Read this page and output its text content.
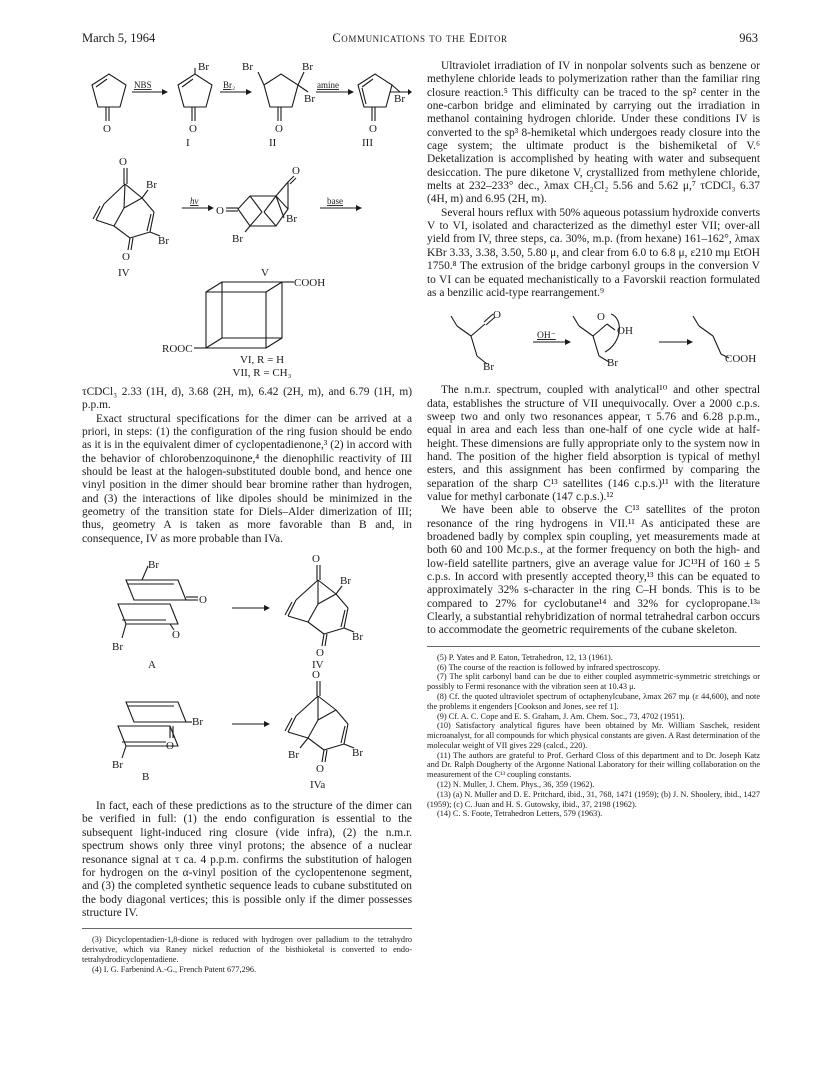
March 5, 1964	Communications to the Editor	963
O
NBS
O
Br
I
Br₂
O
Br	Br
Br
II
amine
O
Br
III
O
Br
Br
O
IV
hν
O
O
Br
Br
V
base
COOH
ROOC
VI, R = H
VII, R = CH₃

τCDCl₃ 2.33 (1H, d), 3.68 (2H, m), 6.42 (2H, m), and 6.79 (1H, m) p.p.m.

Exact structural specifications for the dimer can be arrived at a priori, in steps: (1) the configuration of the ring fusion should be endo as it is in the equivalent dimer of cyclopentadienone,³ (2) in accord with the behavior of chlorobenzoquinone,⁴ the dienophilic reactivity of III should be least at the halogen-substituted double bond, and hence one vinyl position in the dimer should bear bromine rather than hydrogen, and (3) the interactions of like dipoles should be minimized in the geometry of the transition state for Diels–Alder dimerization of III; thus, geometry A is taken as more favorable than B and, in consequence, IV as more probable than IVa.

Br
O
O
Br
A
O
Br
Br
O
IV
Br
O
Br
B
O
Br	Br
O
IVa

In fact, each of these predictions as to the structure of the dimer can be verified in full: (1) the endo configuration is essential to the subsequent light-induced ring closure (vide infra), (2) the n.m.r. spectrum shows only three vinyl protons; the absence of a nuclear resonance signal at τ ca. 4 p.p.m. confirms the substitution of halogen for hydrogen on the α-vinyl position of the cyclopentenone segment, and (3) the completed synthetic sequence leads to cubane substituted on the body diagonal vertices; this is possible only if the dimer possesses structure IV.

(3) Dicyclopentadien-1,8-dione is reduced with hydrogen over palladium to the tetrahydro derivative, which via Raney nickel reduction of the bisthioketal is converted to endo-tetrahydrodicyclopentadiene.

(4) I. G. Farbenind A.-G., French Patent 677,296.

Ultraviolet irradiation of IV in nonpolar solvents such as benzene or methylene chloride leads to polymerization rather than the familiar ring closure reaction.⁵ This difficulty can be traced to the sp² center in the one-carbon bridge and eliminated by carrying out the irradiation in methanol containing hydrogen chloride. Under these conditions IV is converted to the sp³ 8-hemiketal which undergoes ready closure into the cage system; the ultimate product is the bishemiketal of V.⁶ Deketalization is accomplished by heating with water and subsequent desiccation. The pure diketone V, crystallized from methylene chloride, melts at 232–233° dec., λmax CH₂Cl₂ 5.56 and 5.62 μ,⁷ τCDCl₃ 6.37 (4H, m) and 6.95 (2H, m).

Several hours reflux with 50% aqueous potassium hydroxide converts V to VI, isolated and characterized as the dimethyl ester VII; over-all yield from IV, three steps, ca. 30%, m.p. (from hexane) 161–162°, λmax KBr 3.33, 3.38, 3.50, 5.80 μ, and clear from 6.0 to 6.8 μ, ε210 mμ EtOH 1750.⁸ The extrusion of the bridge carbonyl groups in the conversion V to VI can be equated mechanistically to a Favorskii reaction formulated as a benzilic acid-type rearrangement.⁹

O
Br
OH⁻
O
OH
Br	COOH

The n.m.r. spectrum, coupled with analytical¹⁰ and other spectral data, establishes the structure of VII unequivocally. Over a 2000 c.p.s. sweep two and only two resonances appear, τ 5.76 and 6.28 p.p.m., equal in area and each less than one-half of one cycle wide at half-height. These dimensions are fully appropriate only to the system now in hand. The position of the higher field absorption is typical of methyl esters, and this assignment has been confirmed by comparing the separation of the sharp C¹³ satellites (146 c.p.s.)¹¹ with the literature value for methyl carbonate (147 c.p.s.).¹²

We have been able to observe the C¹³ satellites of the proton resonance of the ring hydrogens in VII.¹¹ As anticipated these are broadened badly by complex spin coupling, yet measurements made at both 60 and 100 Mc.p.s., at the former frequency on both the high- and low-field satellite partners, give an average value for JC¹³H of 160 ± 5 c.p.s. In accord with presently accepted theory,¹³ this can be equated to approximately 32% s-character in the ring C–H bonds. This is to be compared to 27% for cyclobutane¹⁴ and 32% for cyclopropane.¹³ᵃ Clearly, a substantial rehybridization of normal tetrahedral carbon occurs to accommodate the geometric requirements of the cubane skeleton.

(5) P. Yates and P. Eaton, Tetrahedron, 12, 13 (1961).

(6) The course of the reaction is followed by infrared spectroscopy.

(7) The split carbonyl band can be due to either coupled asymmetric-symmetric stretchings or possibly to Fermi resonance with the vibration seen at 10.43 μ.

(8) Cf. the quoted ultraviolet spectrum of octaphenylcubane, λmax 267 mμ (ε 44,600), and note the problems it engenders [Cookson and Jones, see ref 1].

(9) Cf. A. C. Cope and E. S. Graham, J. Am. Chem. Soc., 73, 4702 (1951).

(10) Satisfactory analytical figures have been obtained by Mr. William Saschek, resident microanalyst, for all compounds for which physical constants are given. A Rast determination of the molecular weight of VII gives 229 (calcd., 220).

(11) The authors are grateful to Prof. Gerhard Closs of this department and to Dr. Joseph Katz and Dr. Ralph Dougherty of the Argonne National Laboratory for their willing collaboration on the measurement of the C¹³ coupling constants.

(12) N. Muller, J. Chem. Phys., 36, 359 (1962).

(13) (a) N. Muller and D. E. Pritchard, ibid., 31, 768, 1471 (1959); (b) J. N. Shoolery, ibid., 1427 (1959); (c) C. Juan and H. S. Gutowsky, ibid., 37, 2198 (1962).

(14) C. S. Foote, Tetrahedron Letters, 579 (1963).
